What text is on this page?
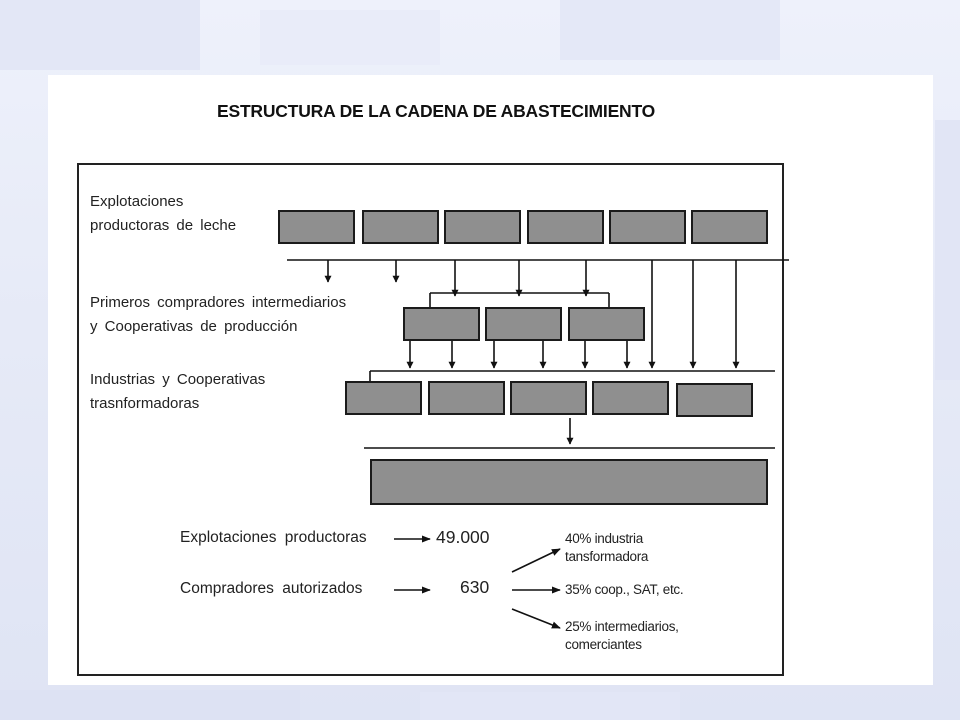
ESTRUCTURA DE LA CADENA DE ABASTECIMIENTO
Explotaciones
productoras de leche
Primeros compradores intermediarios
y Cooperativas de producción
Industrias y Cooperativas
trasnformadoras
Explotaciones productoras	49.000
Compradores autorizados	630
40% industria
tansformadora
35% coop., SAT, etc.
25% intermediarios,
comerciantes
